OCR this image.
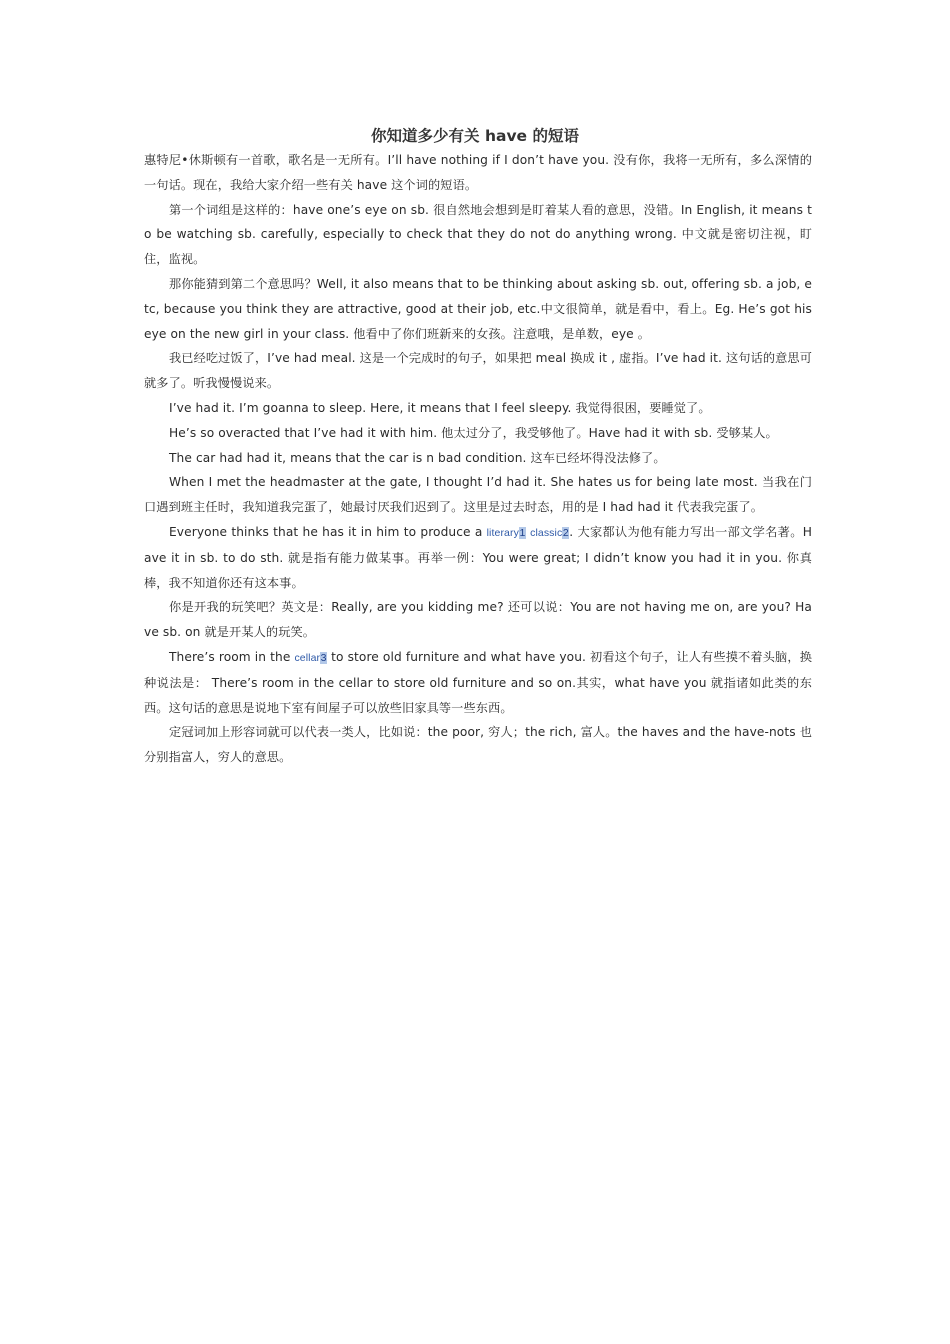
你知道多少有关 have 的短语

惠特尼•休斯顿有一首歌，歌名是一无所有。I’ll have nothing if I don’t have you. 没有你，我将一无所有，多么深情的一句话。现在，我给大家介绍一些有关 have 这个词的短语。

第一个词组是这样的：have one’s eye on sb. 很自然地会想到是盯着某人看的意思，没错。In English, it means to be watching sb. carefully, especially to check that they do not do anything wrong. 中文就是密切注视，盯住，监视。

那你能猜到第二个意思吗？Well, it also means that to be thinking about asking sb. out, offering sb. a job, etc, because you think they are attractive, good at their job, etc.中文很简单，就是看中，看上。Eg. He’s got his eye on the new girl in your class. 他看中了你们班新来的女孩。注意哦，是单数，eye 。

我已经吃过饭了，I’ve had meal. 这是一个完成时的句子，如果把 meal 换成 it , 虚指。I’ve had it. 这句话的意思可就多了。听我慢慢说来。

I’ve had it. I’m goanna to sleep. Here, it means that I feel sleepy. 我觉得很困，要睡觉了。

He’s so overacted that I’ve had it with him. 他太过分了，我受够他了。Have had it with sb. 受够某人。

The car had had it, means that the car is n bad condition. 这车已经坏得没法修了。

When I met the headmaster at the gate, I thought I’d had it. She hates us for being late most. 当我在门口遇到班主任时，我知道我完蛋了，她最讨厌我们迟到了。这里是过去时态，用的是 I had had it 代表我完蛋了。

Everyone thinks that he has it in him to produce a literary1 classic2. 大家都认为他有能力写出一部文学名著。Have it in sb. to do sth. 就是指有能力做某事。再举一例：You were great; I didn’t know you had it in you. 你真棒，我不知道你还有这本事。

你是开我的玩笑吧？英文是：Really, are you kidding me? 还可以说：You are not having me on, are you? Have sb. on 就是开某人的玩笑。

There’s room in the cellar3 to store old furniture and what have you. 初看这个句子，让人有些摸不着头脑，换种说法是： There’s room in the cellar to store old furniture and so on.其实，what have you 就指诸如此类的东西。这句话的意思是说地下室有间屋子可以放些旧家具等一些东西。

定冠词加上形容词就可以代表一类人，比如说：the poor, 穷人；the rich, 富人。the haves and the have-nots 也分别指富人，穷人的意思。
